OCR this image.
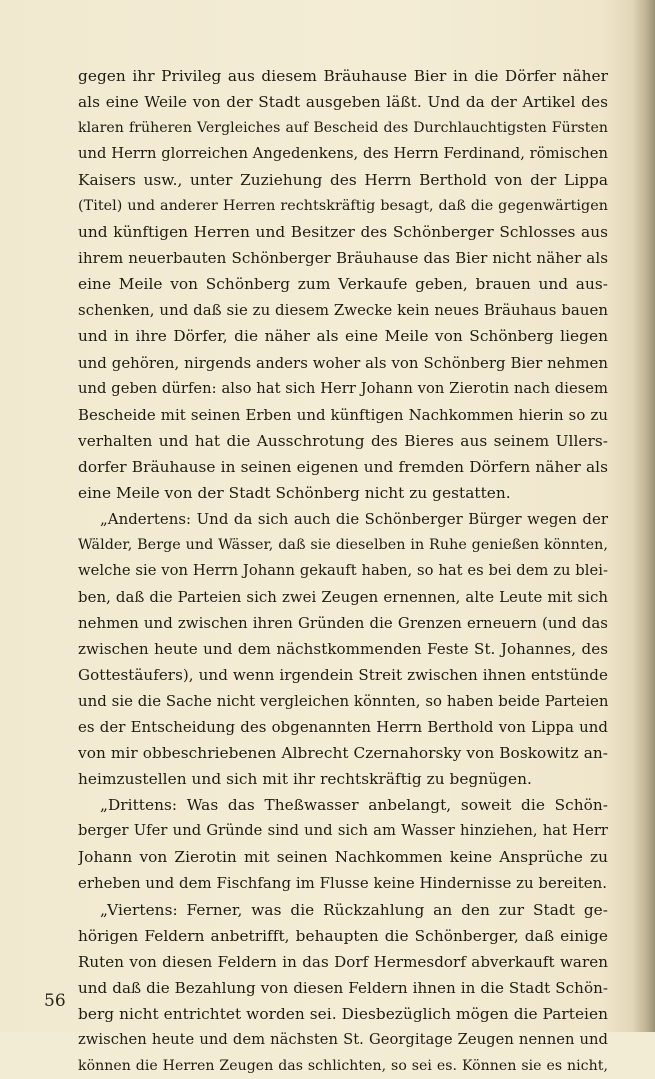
gegen ihr Privileg aus diesem Bräuhause Bier in die Dörfer näher
als eine Weile von der Stadt ausgeben läßt. Und da der Artikel des
klaren früheren Vergleiches auf Bescheid des Durchlauchtigsten Fürsten
und Herrn glorreichen Angedenkens, des Herrn Ferdinand, römischen
Kaisers usw., unter Zuziehung des Herrn Berthold von der Lippa
(Titel) und anderer Herren rechtskräftig besagt, daß die gegenwärtigen
und künftigen Herren und Besitzer des Schönberger Schlosses aus
ihrem neuerbauten Schönberger Bräuhause das Bier nicht näher als
eine Meile von Schönberg zum Verkaufe geben, brauen und aus-
schenken, und daß sie zu diesem Zwecke kein neues Bräuhaus bauen
und in ihre Dörfer, die näher als eine Meile von Schönberg liegen
und gehören, nirgends anders woher als von Schönberg Bier nehmen
und geben dürfen: also hat sich Herr Johann von Zierotin nach diesem
Bescheide mit seinen Erben und künftigen Nachkommen hierin so zu
verhalten und hat die Ausschrotung des Bieres aus seinem Ullers-
dorfer Bräuhause in seinen eigenen und fremden Dörfern näher als
eine Meile von der Stadt Schönberg nicht zu gestatten.
„Andertens: Und da sich auch die Schönberger Bürger wegen der
Wälder, Berge und Wässer, daß sie dieselben in Ruhe genießen könnten,
welche sie von Herrn Johann gekauft haben, so hat es bei dem zu blei-
ben, daß die Parteien sich zwei Zeugen ernennen, alte Leute mit sich
nehmen und zwischen ihren Gründen die Grenzen erneuern (und das
zwischen heute und dem nächstkommenden Feste St. Johannes, des
Gottestäufers), und wenn irgendein Streit zwischen ihnen entstünde
und sie die Sache nicht vergleichen könnten, so haben beide Parteien
es der Entscheidung des obgenannten Herrn Berthold von Lippa und
von mir obbeschriebenen Albrecht Czernahorsky von Boskowitz an-
heimzustellen und sich mit ihr rechtskräftig zu begnügen.
„Drittens: Was das Theßwasser anbelangt, soweit die Schön-
berger Ufer und Gründe sind und sich am Wasser hinziehen, hat Herr
Johann von Zierotin mit seinen Nachkommen keine Ansprüche zu
erheben und dem Fischfang im Flusse keine Hindernisse zu bereiten.
„Viertens: Ferner, was die Rückzahlung an den zur Stadt ge-
hörigen Feldern anbetrifft, behaupten die Schönberger, daß einige
Ruten von diesen Feldern in das Dorf Hermesdorf abverkauft waren
und daß die Bezahlung von diesen Feldern ihnen in die Stadt Schön-
berg nicht entrichtet worden sei. Diesbezüglich mögen die Parteien
zwischen heute und dem nächsten St. Georgitage Zeugen nennen und
können die Herren Zeugen das schlichten, so sei es. Können sie es nicht,
56
